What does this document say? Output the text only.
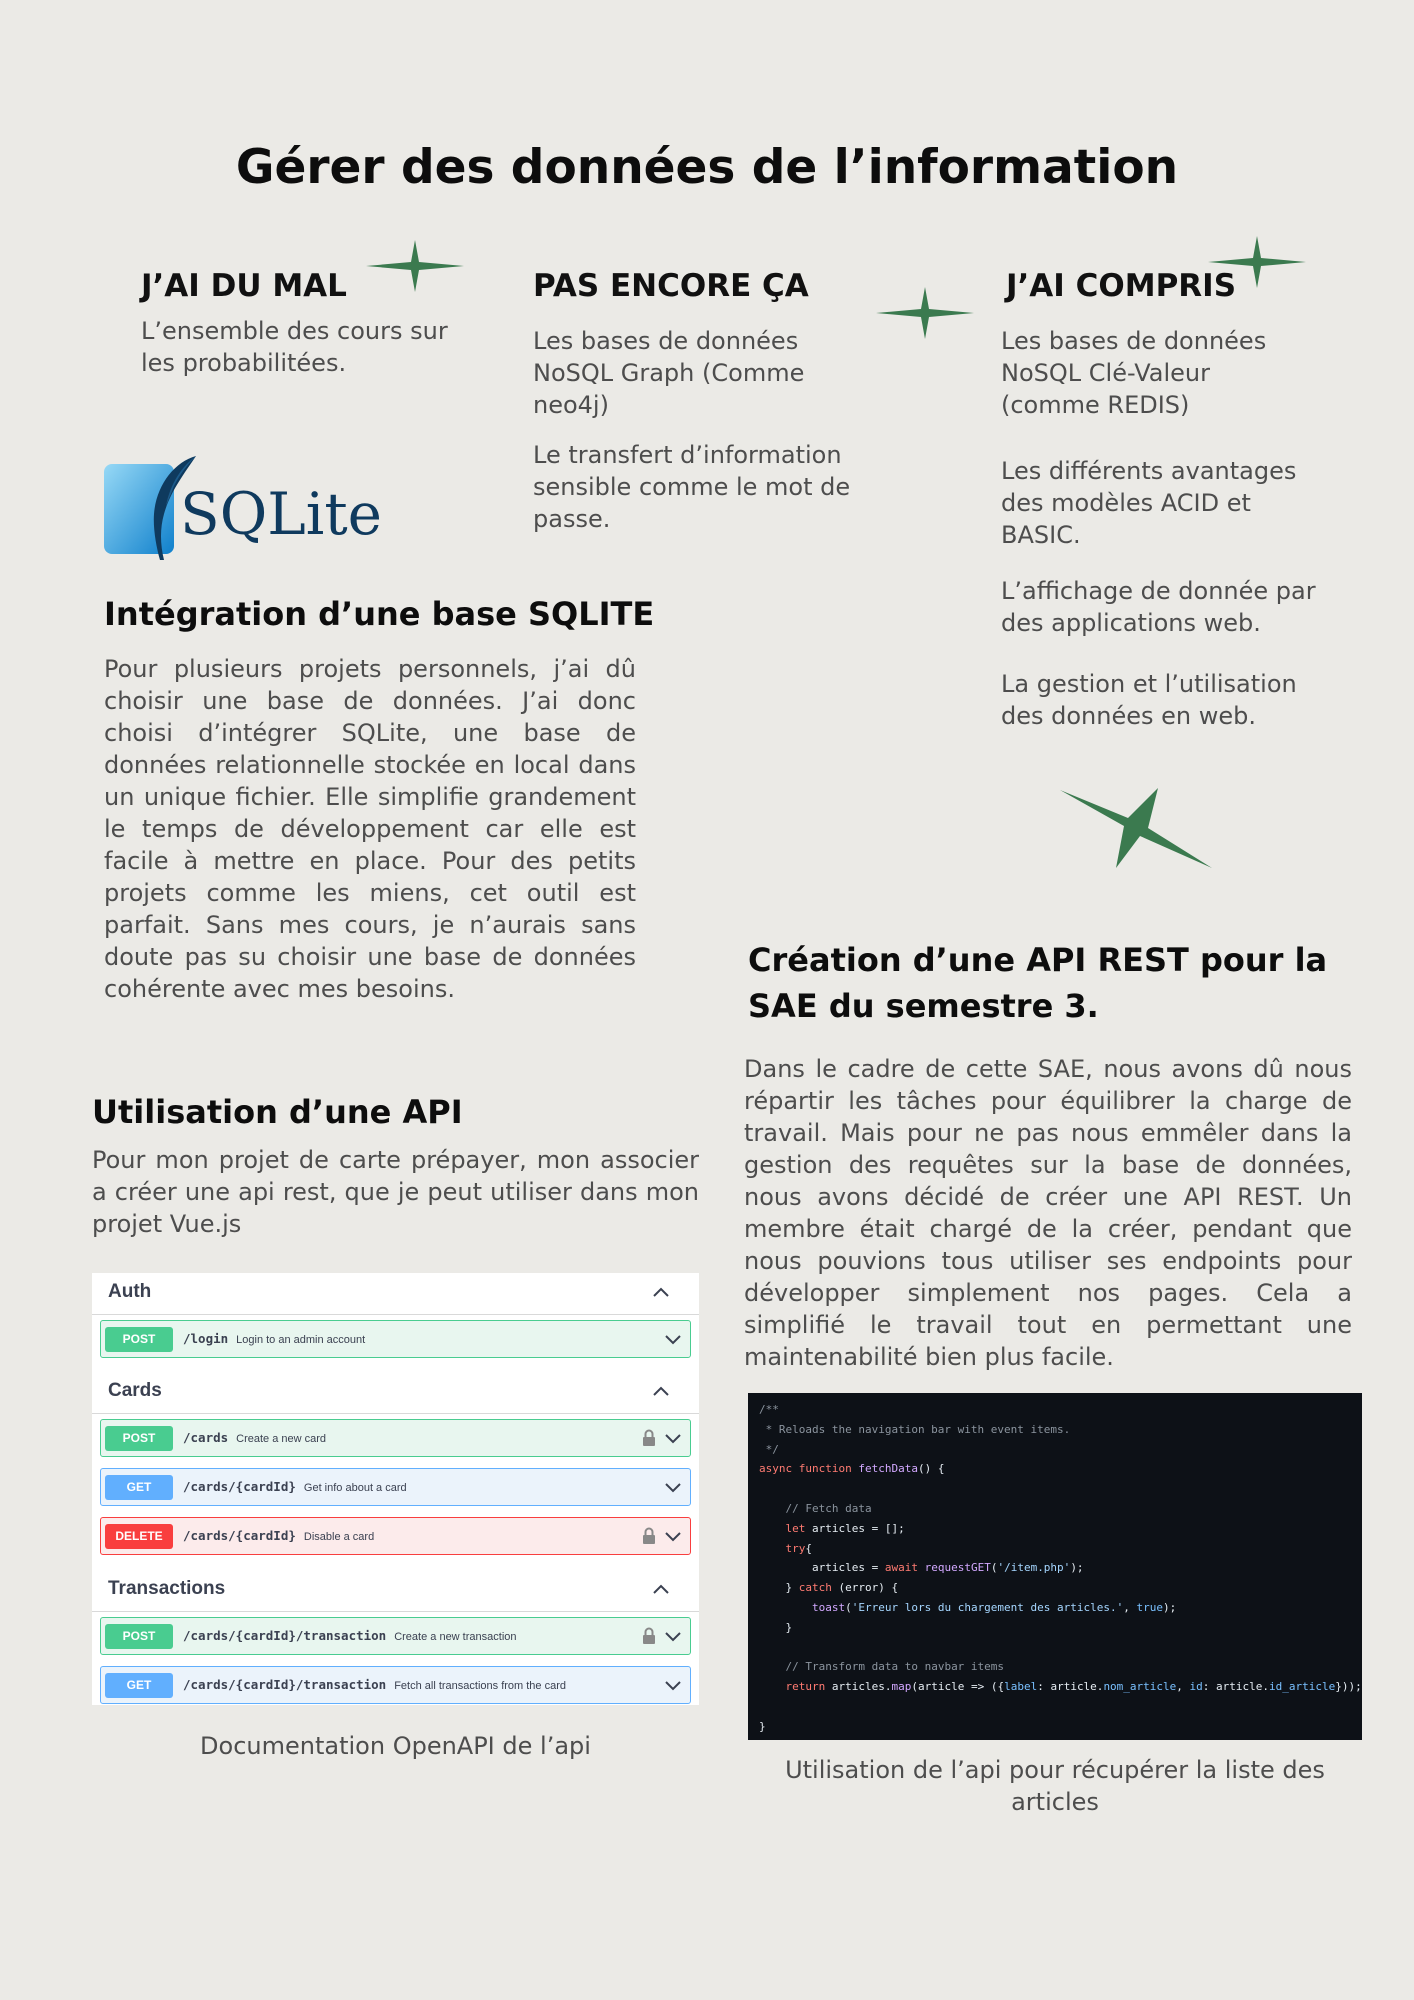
Gérer des données de l’information
J’AI DU MAL
L’ensemble des cours sur les probabilitées.
PAS ENCORE ÇA
Les bases de données NoSQL Graph (Comme neo4j)
Le transfert d’information sensible comme le mot de passe.
J’AI COMPRIS
Les bases de données NoSQL Clé-Valeur (comme REDIS)
Les différents avantages des modèles ACID et BASIC.
L’affichage de donnée par des applications web.
La gestion et l’utilisation des données en web.
SQLite
Intégration d’une base SQLITE
Pour plusieurs projets personnels, j’ai dû choisir une base de données. J’ai donc choisi d’intégrer SQLite, une base de données relationnelle stockée en local dans un unique fichier. Elle simplifie grandement le temps de développement car elle est facile à mettre en place. Pour des petits projets comme les miens, cet outil est parfait. Sans mes cours, je n’aurais sans doute pas su choisir une base de données cohérente avec mes besoins.
Utilisation d’une API
Pour mon projet de carte prépayer, mon associer a créer une api rest, que je peut utiliser dans mon projet Vue.js
Auth
POST	/login Login to an admin account
Cards
POST	/cards Create a new card
GET	/cards/{cardId} Get info about a card
DELETE	/cards/{cardId} Disable a card
Transactions
POST	/cards/{cardId}/transaction Create a new transaction
GET	/cards/{cardId}/transaction Fetch all transactions from the card
Documentation OpenAPI de l’api
Création d’une API REST pour la SAE du semestre 3.
Dans le cadre de cette SAE, nous avons dû nous répartir les tâches pour équilibrer la charge de travail. Mais pour ne pas nous emmêler dans la gestion des requêtes sur la base de données, nous avons décidé de créer une API REST. Un membre était chargé de la créer, pendant que nous pouvions tous utiliser ses endpoints pour développer simplement nos pages. Cela a simplifié le travail tout en permettant une maintenabilité bien plus facile.
/**
* Reloads the navigation bar with event items.
*/
async function fetchData() {

// Fetch data
let articles = [];
try{
articles = await requestGET('/item.php');
} catch (error) {
toast('Erreur lors du chargement des articles.', true);
}

// Transform data to navbar items
return articles.map(article => ({label: article.nom_article, id: article.id_article}));

}
Utilisation de l’api pour récupérer la liste des articles
